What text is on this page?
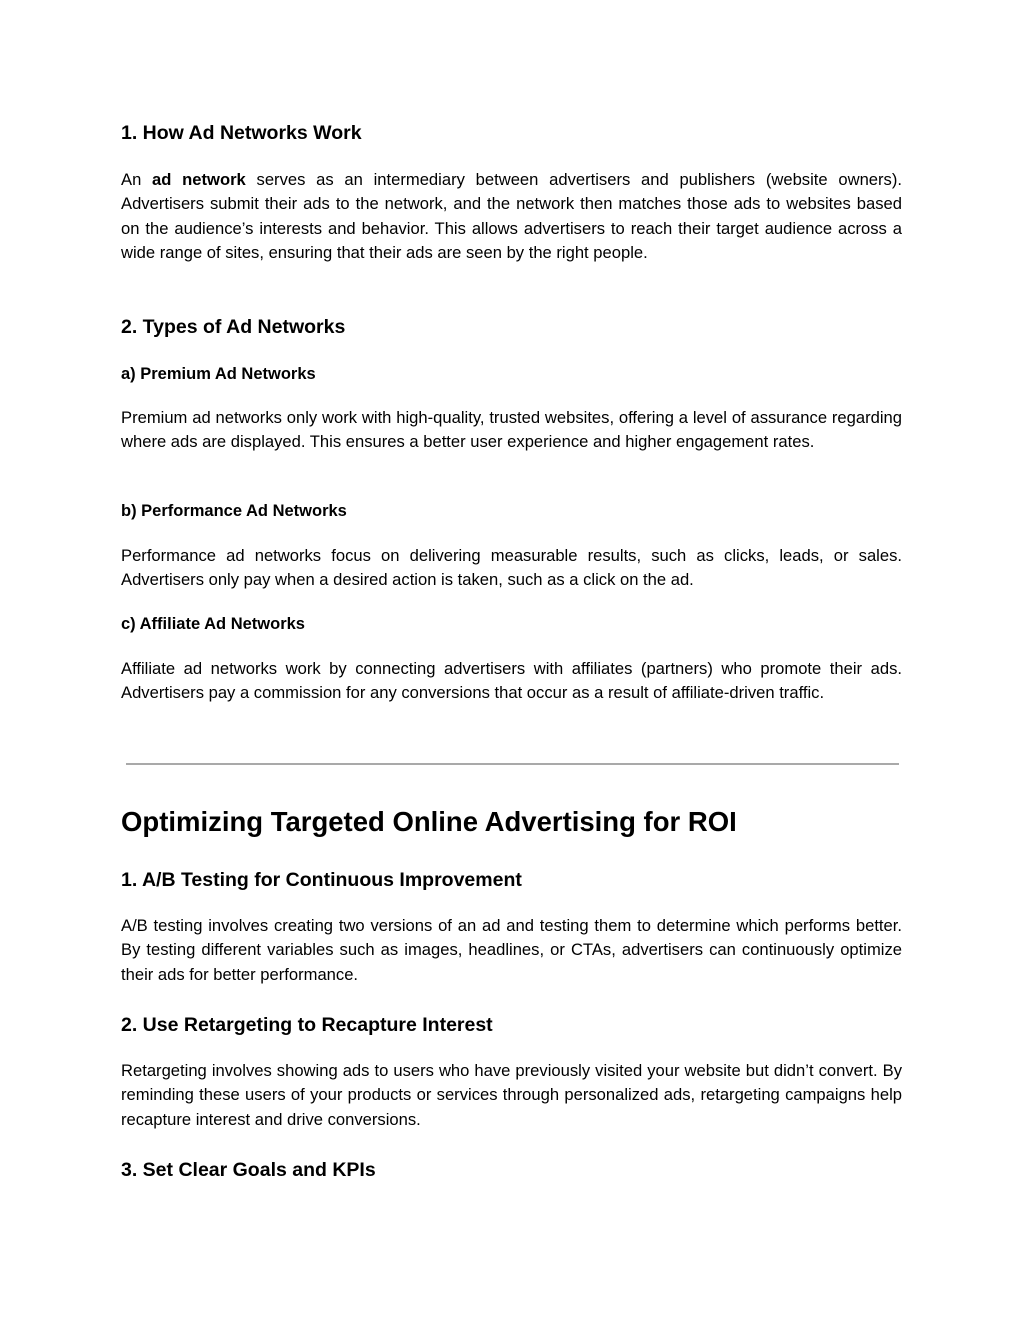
1. How Ad Networks Work

An ad network serves as an intermediary between advertisers and publishers (website owners). Advertisers submit their ads to the network, and the network then matches those ads to websites based on the audience’s interests and behavior. This allows advertisers to reach their target audience across a wide range of sites, ensuring that their ads are seen by the right people.

2. Types of Ad Networks
a) Premium Ad Networks

Premium ad networks only work with high-quality, trusted websites, offering a level of assurance regarding where ads are displayed. This ensures a better user experience and higher engagement rates.

b) Performance Ad Networks

Performance ad networks focus on delivering measurable results, such as clicks, leads, or sales. Advertisers only pay when a desired action is taken, such as a click on the ad.

c) Affiliate Ad Networks

Affiliate ad networks work by connecting advertisers with affiliates (partners) who promote their ads. Advertisers pay a commission for any conversions that occur as a result of affiliate-driven traffic.

Optimizing Targeted Online Advertising for ROI
1. A/B Testing for Continuous Improvement

A/B testing involves creating two versions of an ad and testing them to determine which performs better. By testing different variables such as images, headlines, or CTAs, advertisers can continuously optimize their ads for better performance.

2. Use Retargeting to Recapture Interest

Retargeting involves showing ads to users who have previously visited your website but didn’t convert. By reminding these users of your products or services through personalized ads, retargeting campaigns help recapture interest and drive conversions.

3. Set Clear Goals and KPIs
